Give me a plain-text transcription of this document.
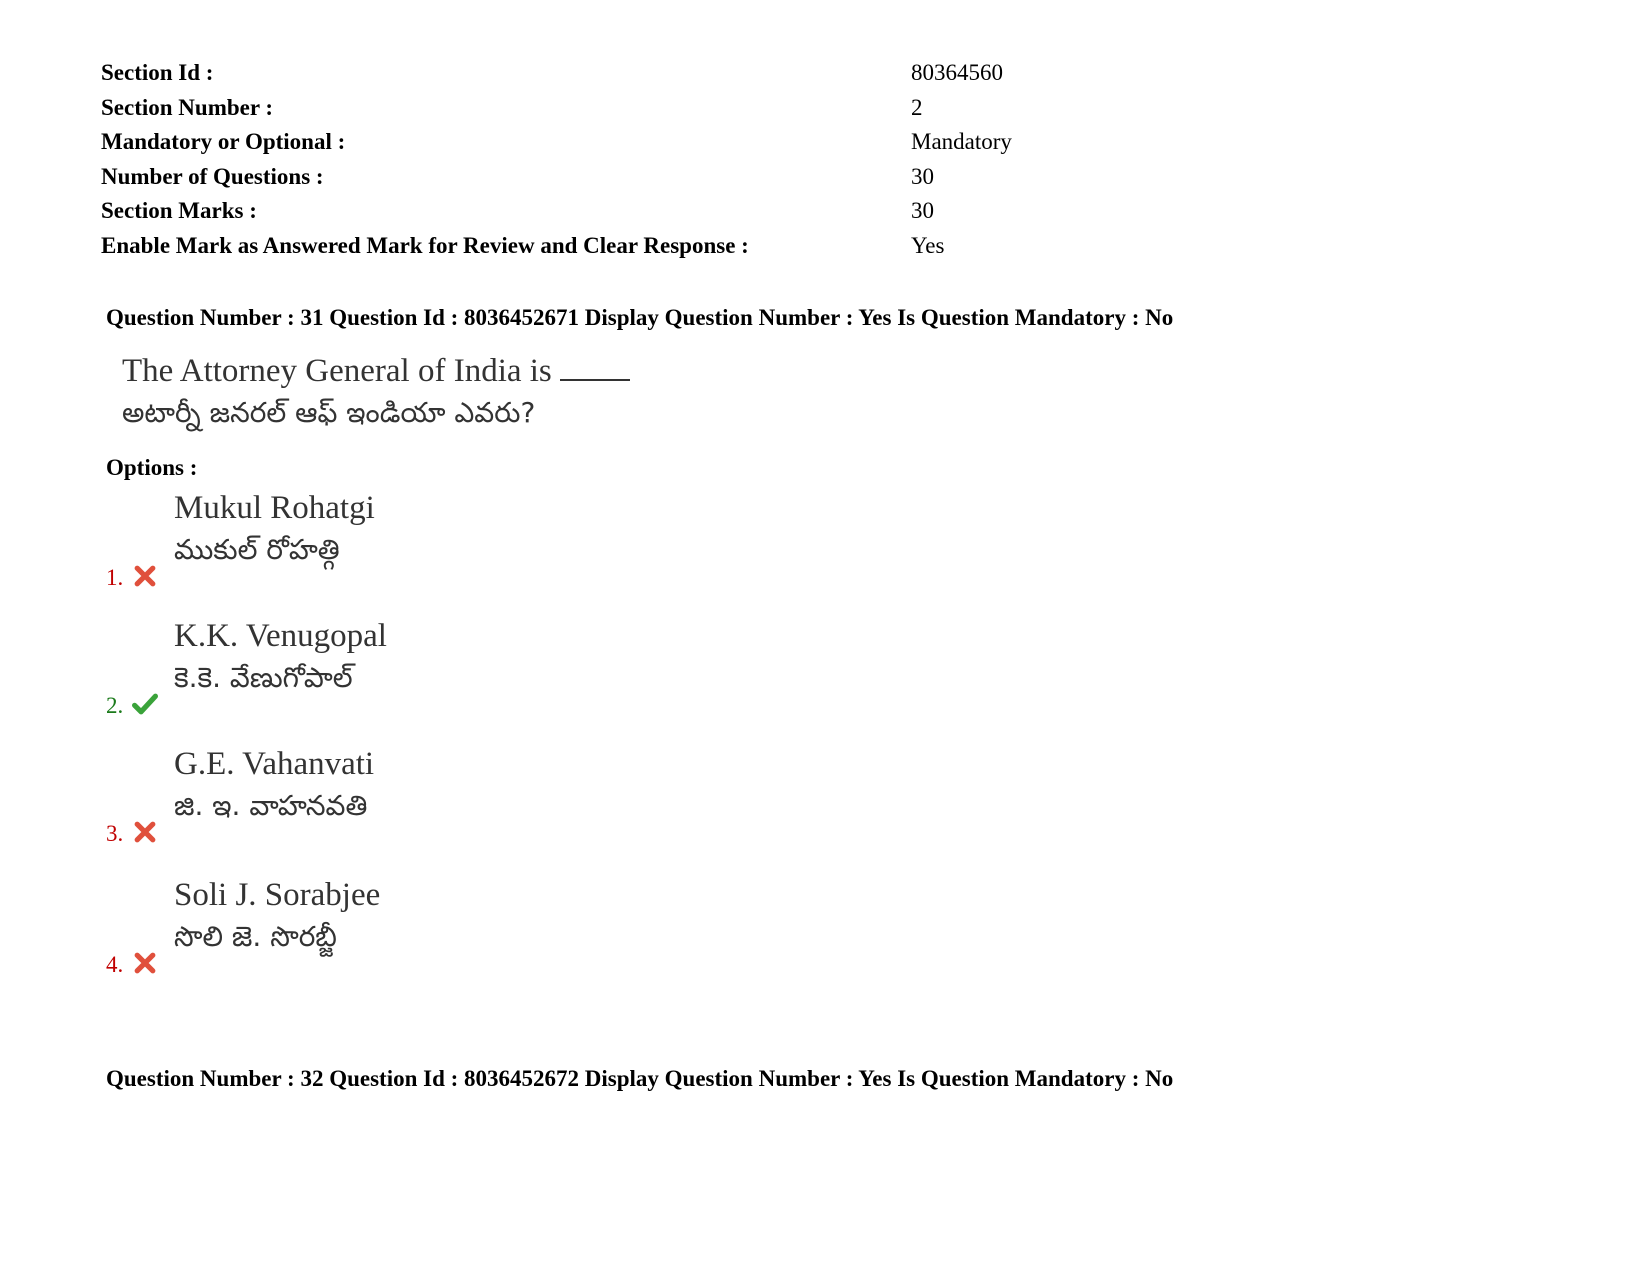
Section Id :	80364560
Section Number :	2
Mandatory or Optional :	Mandatory
Number of Questions :	30
Section Marks :	30
Enable Mark as Answered Mark for Review and Clear Response :	Yes
Question Number : 31 Question Id : 8036452671 Display Question Number : Yes Is Question Mandatory : No
The Attorney General of India is
అటార్నీ జనరల్ ఆఫ్ ఇండియా ఎవరు?
Options :
Mukul Rohatgi
ముకుల్ రోహత్గి
1.
K.K. Venugopal
కె.కె. వేణుగోపాల్
2.
G.E. Vahanvati
జి. ఇ. వాహనవతి
3.
Soli J. Sorabjee
సొలి జె. సొరబ్జీ
4.
Question Number : 32 Question Id : 8036452672 Display Question Number : Yes Is Question Mandatory : No
